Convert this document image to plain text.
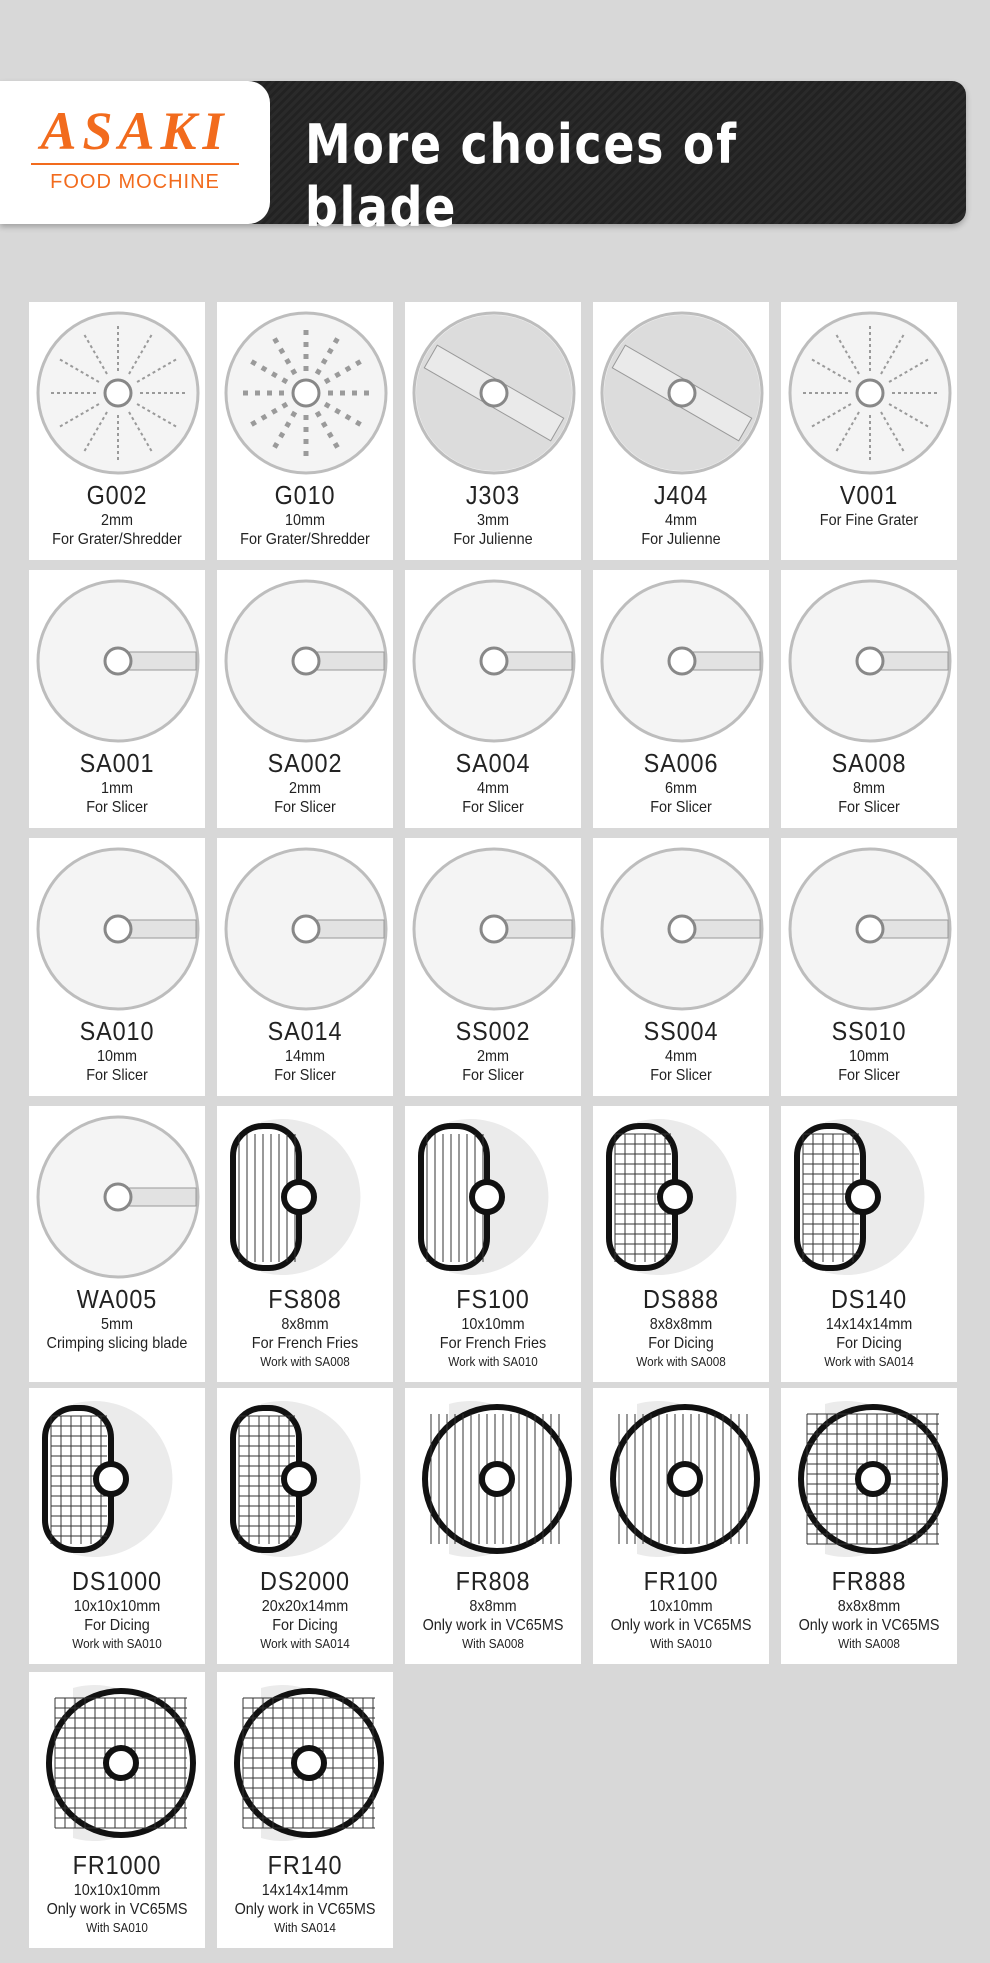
ASAKI
FOOD MOCHINE
More choices of blade
G002
2mm
For Grater/Shredder
G010
10mm
For Grater/Shredder
J303
3mm
For Julienne
J404
4mm
For Julienne
V001
For Fine Grater
SA001
1mm
For Slicer
SA002
2mm
For Slicer
SA004
4mm
For Slicer
SA006
6mm
For Slicer
SA008
8mm
For Slicer
SA010
10mm
For Slicer
SA014
14mm
For Slicer
SS002
2mm
For Slicer
SS004
4mm
For Slicer
SS010
10mm
For Slicer
WA005
5mm
Crimping slicing blade
FS808
8x8mm
For French Fries
Work with SA008
FS100
10x10mm
For French Fries
Work with SA010
DS888
8x8x8mm
For Dicing
Work with SA008
DS140
14x14x14mm
For Dicing
Work with SA014
DS1000
10x10x10mm
For Dicing
Work with SA010
DS2000
20x20x14mm
For Dicing
Work with SA014
FR808
8x8mm
Only work in VC65MS
With SA008
FR100
10x10mm
Only work in VC65MS
With SA010
FR888
8x8x8mm
Only work in VC65MS
With SA008
FR1000
10x10x10mm
Only work in VC65MS
With SA010
FR140
14x14x14mm
Only work in VC65MS
With SA014
